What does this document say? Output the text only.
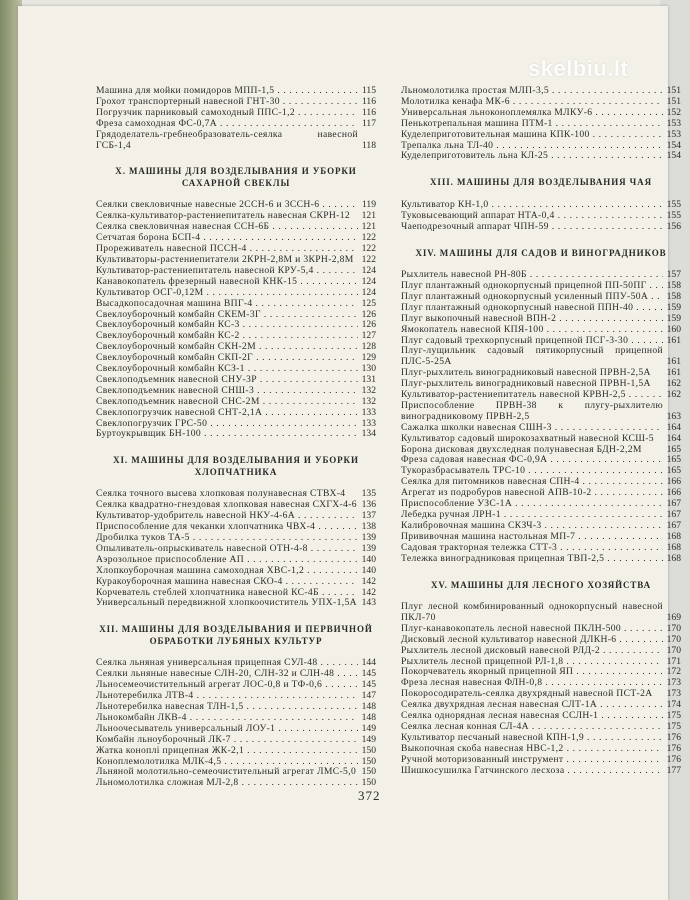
skelbiu.lt
Машина для мойки помидоров МПП-1,5 . . .	115
Грохот транспортерный навесной ГНТ-30 . . .	116
Погрузчик парниковый самоходный ППС-1,2 . . .	116
Фреза самоходная ФС-0,7А . . .	117
Грядоделатель-гребнеобразователь-сеялка навесной ГСБ-1,4	118
X. МАШИНЫ ДЛЯ ВОЗДЕЛЫВАНИЯ И УБОРКИ
САХАРНОЙ СВЕКЛЫ
Сеялки свекловичные навесные 2ССН-6 и 3ССН-6 . . .	119
Сеялка-культиватор-растениепитатель навесная СКРН-12	121
Сеялка свекловичная навесная ССН-6Б . . .	121
Сетчатая борона БСП-4 . . .	122
Прореживатель навесной ПССН-4 . . .	122
Культиваторы-растениепитатели 2КРН-2,8М и 3КРН-2,8М 122
Культиватор-растениепитатель навесной КРУ-5,4 . . .	124
Канавокопатель фрезерный навесной КНК-15 . . .	124
Культиватор ОСГ-0,12М . . .	124
Высадкопосадочная машина ВПГ-4 . . .	125
Свеклоуборочный комбайн СКЕМ-3Г . . .	126
Свеклоуборочный комбайн КС-3 . . .	126
Свеклоуборочный комбайн КС-2 . . .	127
Свеклоуборочный комбайн СКН-2М . . .	128
Свеклоуборочный комбайн СКП-2Г . . .	129
Свеклоуборочный комбайн КСЗ-1 . . .	130
Свеклоподъемник навесной СНУ-3Р . . .	131
Свеклоподъемник навесной СНШ-3 . . .	132
Свеклоподъемник навесной СНС-2М . . .	132
Свеклопогрузчик навесной СНТ-2,1А . . .	133
Свеклопогрузчик ГРС-50 . . .	133
Буртоукрывщик БН-100 . . .	134
XI. МАШИНЫ ДЛЯ ВОЗДЕЛЫВАНИЯ И УБОРКИ
ХЛОПЧАТНИКА
Сеялка точного высева хлопковая полунавесная СТВХ-4	135
Сеялка квадратно-гнездовая хлопковая навесная СХГХ-4-6 136
Культиватор-удобритель навесной НКУ-4-6А . . .	137
Приспособление для чеканки хлопчатника ЧВХ-4 . . .	138
Дробилка туков ТА-5 . . .	139
Опыливатель-опрыскиватель навесной ОТН-4-8 . . .	139
Аэрозольное приспособление АП . . .	140
Хлопкоуборочная машина самоходная ХВС-1,2 . . .	140
Куракоуборочная машина навесная СКО-4 . . .	142
Корчеватель стеблей хлопчатника навесной КС-4Б . . .	142
Универсальный передвижной хлопкоочиститель УПХ-1,5А 143
XII. МАШИНЫ ДЛЯ ВОЗДЕЛЫВАНИЯ И ПЕРВИЧНОЙ
ОБРАБОТКИ ЛУБЯНЫХ КУЛЬТУР
Сеялка льняная универсальная прицепная СУЛ-48 . . .	144
Сеялки льняные навесные СЛН-20, СЛН-32 и СЛН-48 . . .	145
Льносемеочистительный агрегат ЛОС-0,8 и ТФ-0,6 . . .	145
Льнотеребилка ЛТВ-4 . . .	147
Льнотеребилка навесная ТЛН-1,5 . . .	148
Льнокомбайн ЛКВ-4 . . .	148
Льноочесыватель универсальный ЛОУ-1 . . .	149
Комбайн льноуборочный ЛК-7 . . .	149
Жатка коноплi прицепная ЖК-2,1 . . .	150
Коноплемолотилка МЛК-4,5 . . .	150
Льняной молотильно-семеочистительный агрегат ЛМС-5,0 150
Льномолотилка сложная МЛ-2,8 . . .	150
Льномолотилка простая МЛП-3,5 . . .	151
Молотилка кенафа МК-6 . . .	151
Универсальная льноконоплемялка МЛКУ-6 . . .	152
Пенькотрепальная машина ПТМ-1 . . .	153
Куделеприготовительная машина КПК-100 . . .	153
Трепалка льна ТЛ-40 . . .	154
Куделеприготовитель льна КЛ-25 . . .	154
XIII. МАШИНЫ ДЛЯ ВОЗДЕЛЫВАНИЯ ЧАЯ
Культиватор КН-1,0 . . .	155
Туковысевающий аппарат НТА-0,4 . . .	155
Чаеподрезочный аппарат ЧПН-59 . . .	156
XIV. МАШИНЫ ДЛЯ САДОВ И ВИНОГРАДНИКОВ
Рыхлитель навесной РН-80Б . . .	157
Плуг плантажный однокорпусный прицепной ПП-50ПГ . . .	158
Плуг плантажный однокорпусный усиленный ППУ-50А . . .	158
Плуг плантажный однокорпусный навесной ППН-40 . . .	159
Плуг выкопочный навесной ВПН-2 . . .	159
Ямокопатель навесной КПЯ-100 . . .	160
Плуг садовый трехкорпусный прицепной ПСГ-3-30 . . .	161
Плуг-лущильник садовый пятикорпусный прицепной ПЛС-5-25А	161
Плуг-рыхлитель виноградниковый навесной ПРВН-2,5А	161
Плуг-рыхлитель виноградниковый навесной ПРВН-1,5А	162
Культиватор-растениепитатель навесной КРВН-2,5 . . .	162
Приспособление ПРВН-38 к плугу-рыхлителю виноградниковому ПРВН-2,5	163
Сажалка школки навесная СШН-3 . . .	164
Культиватор садовый широкозахватный навесной КСШ-5	164
Борона дисковая двухследная полунавесная БДН-2,2М	165
Фреза садовая навесная ФС-0,9А . . .	165
Тукоразбрасыватель ТРС-10 . . .	165
Сеялка для питомников навесная СПН-4 . . .	166
Агрегат из подробуров навесной АПВ-10-2 . . .	166
Приспособление УЗС-1А . . .	167
Лебедка ручная ЛРН-1 . . .	167
Калибровочная машина СКЗЧ-3 . . .	167
Прививочная машина настольная МП-7 . . .	168
Садовая тракторная тележка СТТ-3 . . .	168
Тележка виноградниковая прицепная ТВП-2,5 . . .	168
XV. МАШИНЫ ДЛЯ ЛЕСНОГО ХОЗЯЙСТВА
Плуг лесной комбинированный однокорпусный навесной ПКЛ-70	169
Плуг-канавокопатель лесной навесной ПКЛН-500 . . .	170
Дисковый лесной культиватор навесной ДЛКН-6 . . .	170
Рыхлитель лесной дисковый навесной РЛД-2 . . .	170
Рыхлитель лесной прицепной РЛ-1,8 . . .	171
Покорчеватель якорный прицепной ЯП . . .	172
Фреза лесная навесная ФЛН-0,8 . . .	173
Покоросодиратель-сеялка двухрядный навесной ПСТ-2А	173
Сеялка двухрядная лесная навесная СЛТ-1А . . .	174
Сеялка однорядная лесная навесная ССЛН-1 . . .	175
Сеялка лесная конная СЛ-4А . . .	175
Культиватор песчаный навесной КПН-1,9 . . .	176
Выкопочная скоба навесная НВС-1,2 . . .	176
Ручной моторизованный инструмент . . .	176
Шишкосушилка Гатчинского лесхоза . . .	177
372
